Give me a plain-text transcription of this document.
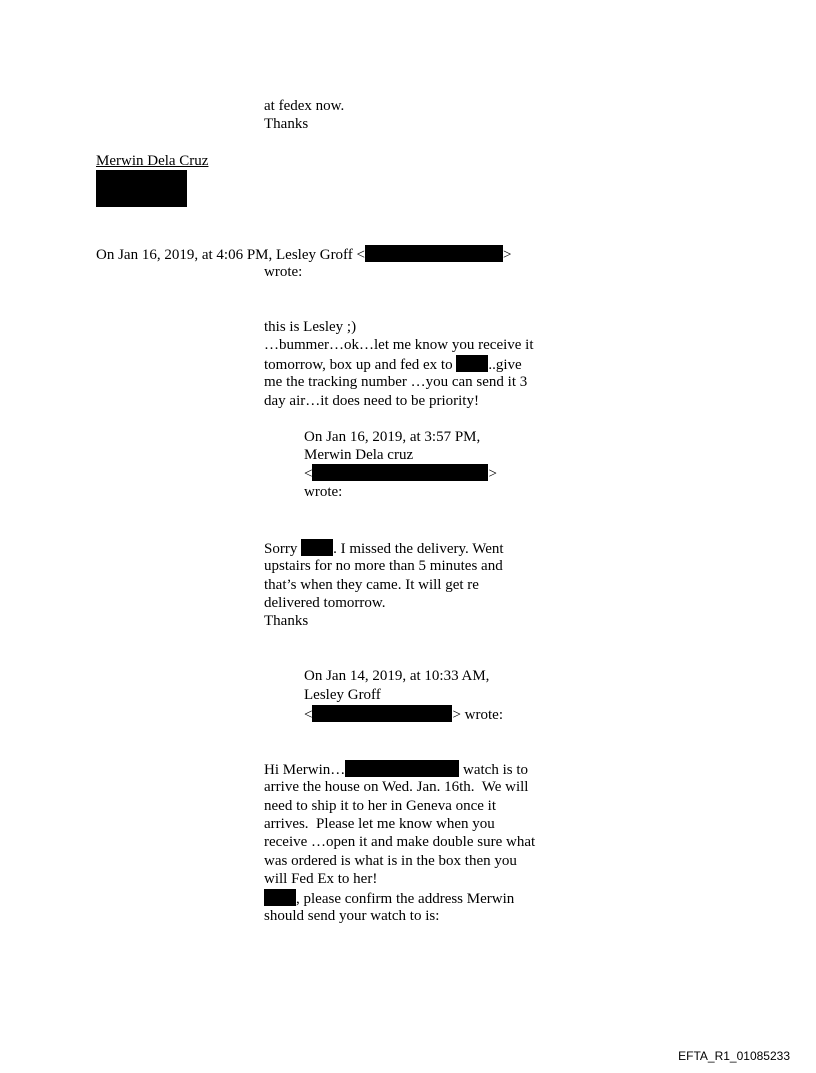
at fedex now.
Thanks
Merwin Dela Cruz
On Jan 16, 2019, at 4:06 PM, Lesley Groff <	>
wrote:
this is Lesley ;)
…bummer…ok…let me know you receive it
tomorrow, box up and fed ex to ..give
me the tracking number …you can send it 3
day air…it does need to be priority!
On Jan 16, 2019, at 3:57 PM,
Merwin Dela cruz
<	>
wrote:
Sorry . I missed the delivery. Went
upstairs for no more than 5 minutes and
that’s when they came. It will get re
delivered tomorrow.
Thanks
On Jan 14, 2019, at 10:33 AM,
Lesley Groff
<	> wrote:
Hi Merwin…	watch is to
arrive the house on Wed. Jan. 16th.  We will
need to ship it to her in Geneva once it
arrives.  Please let me know when you
receive …open it and make double sure what
was ordered is what is in the box then you
will Fed Ex to her!
, please confirm the address Merwin
should send your watch to is:
EFTA_R1_01085233
